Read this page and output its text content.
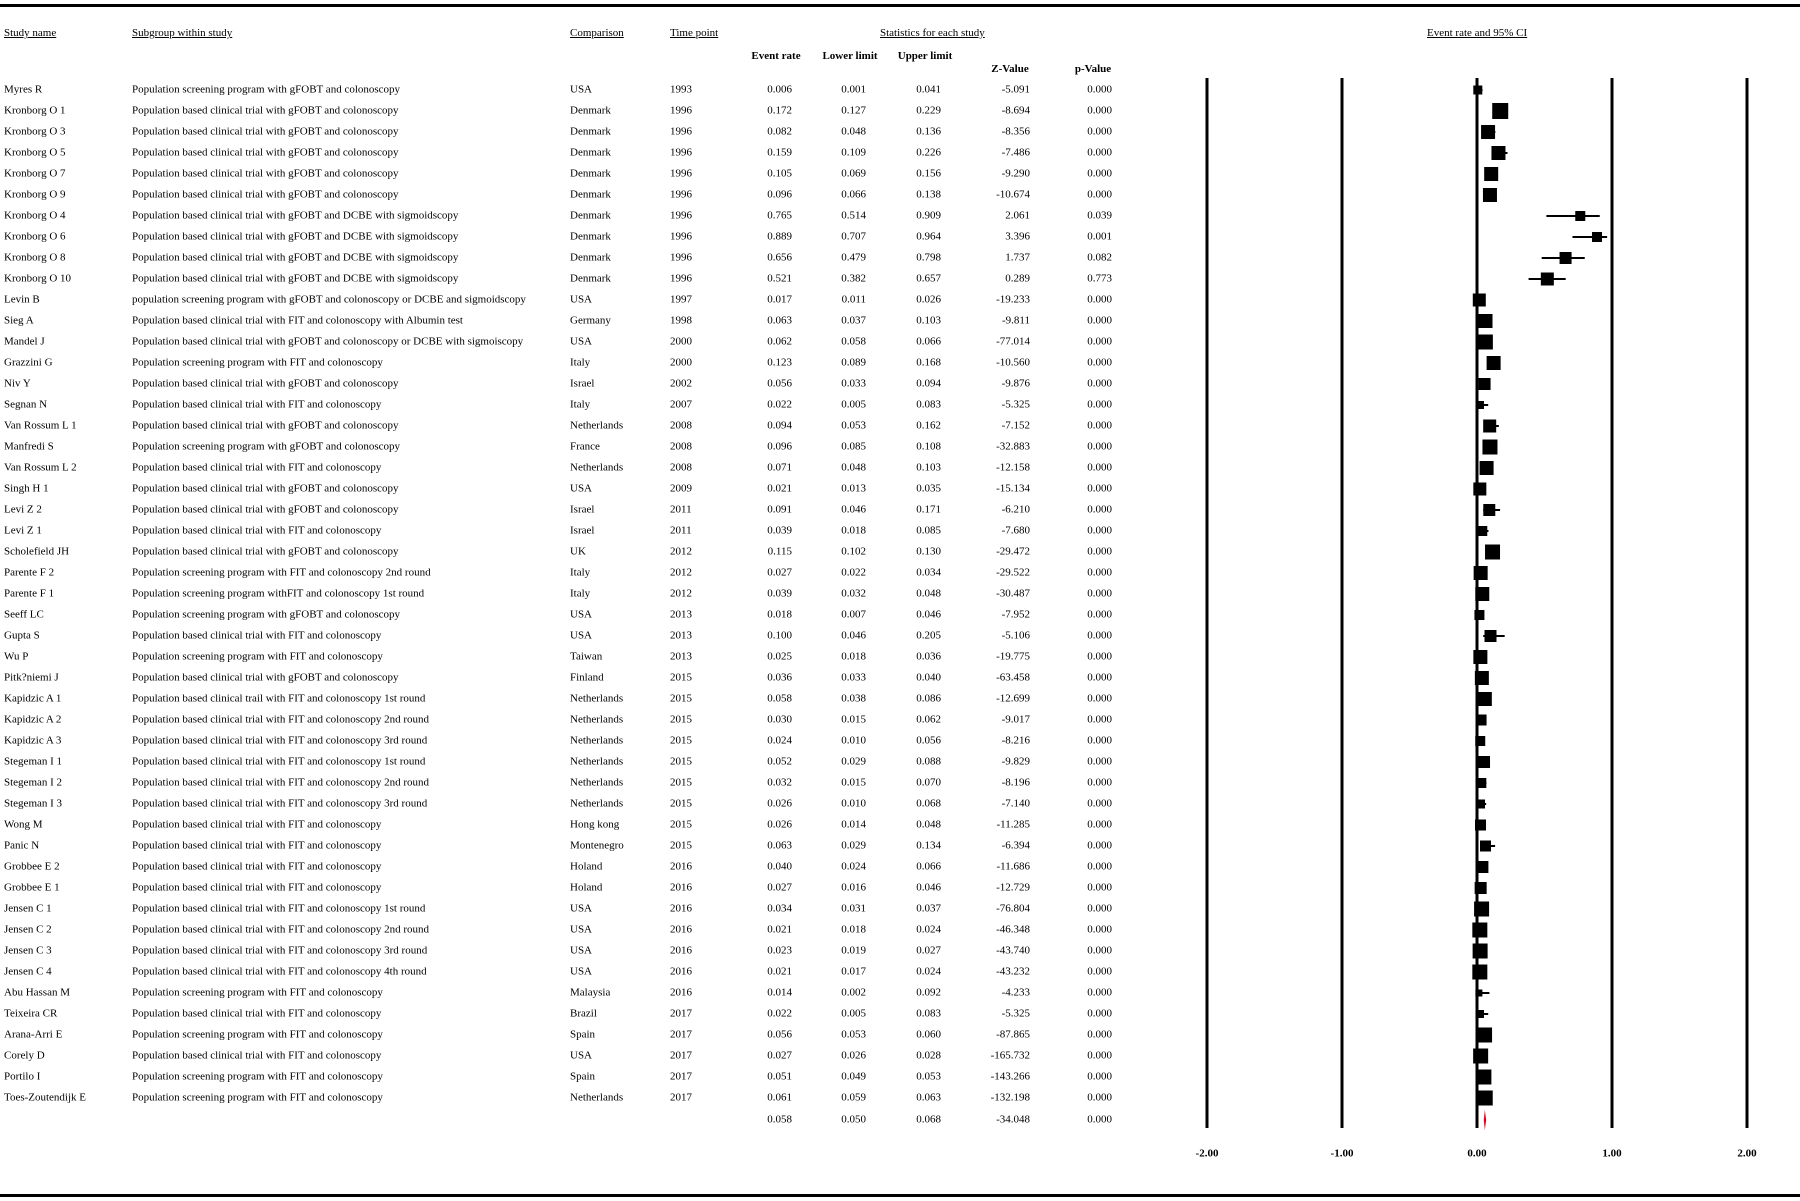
Study name	Subgroup within study	Comparison	Time point	Statistics for each study	Event rate and 95% CI
Event rate Lower limit Upper limit
Z-Value	p-Value
Myres R	Population screening program with gFOBT and colonoscopy	USA	1993	0.006	0.001	0.041	-5.091	0.000
Kronborg O 1	Population based clinical trial with gFOBT and colonoscopy	Denmark	1996	0.172	0.127	0.229	-8.694	0.000
Kronborg O 3	Population based clinical trial with gFOBT and colonoscopy	Denmark	1996	0.082	0.048	0.136	-8.356	0.000
Kronborg O 5	Population based clinical trial with gFOBT and colonoscopy	Denmark	1996	0.159	0.109	0.226	-7.486	0.000
Kronborg O 7	Population based clinical trial with gFOBT and colonoscopy	Denmark	1996	0.105	0.069	0.156	-9.290	0.000
Kronborg O 9	Population based clinical trial with gFOBT and colonoscopy	Denmark	1996	0.096	0.066	0.138	-10.674	0.000
Kronborg O 4	Population based clinical trial with gFOBT and DCBE with sigmoidscopy	Denmark	1996	0.765	0.514	0.909	2.061	0.039
Kronborg O 6	Population based clinical trial with gFOBT and DCBE with sigmoidscopy	Denmark	1996	0.889	0.707	0.964	3.396	0.001
Kronborg O 8	Population based clinical trial with gFOBT and DCBE with sigmoidscopy	Denmark	1996	0.656	0.479	0.798	1.737	0.082
Kronborg O 10	Population based clinical trial with gFOBT and DCBE with sigmoidscopy	Denmark	1996	0.521	0.382	0.657	0.289	0.773
Levin B	population screening program with gFOBT and colonoscopy or DCBE and sigmoidscopy	USA	1997	0.017	0.011	0.026	-19.233	0.000
Sieg A	Population based clinical trial with FIT and colonoscopy with Albumin test	Germany	1998	0.063	0.037	0.103	-9.811	0.000
Mandel J	Population based clinical trial with gFOBT and colonoscopy or DCBE with sigmoiscopy	USA	2000	0.062	0.058	0.066	-77.014	0.000
Grazzini G	Population screening program with FIT and colonoscopy	Italy	2000	0.123	0.089	0.168	-10.560	0.000
Niv Y	Population based clinical trial with gFOBT and colonoscopy	Israel	2002	0.056	0.033	0.094	-9.876	0.000
Segnan N	Population based clinical trial with FIT and colonoscopy	Italy	2007	0.022	0.005	0.083	-5.325	0.000
Van Rossum L 1	Population based clinical trial with gFOBT and colonoscopy	Netherlands	2008	0.094	0.053	0.162	-7.152	0.000
Manfredi S	Population screening program with gFOBT and colonoscopy	France	2008	0.096	0.085	0.108	-32.883	0.000
Van Rossum L 2	Population based clinical trial with FIT and colonoscopy	Netherlands	2008	0.071	0.048	0.103	-12.158	0.000
Singh H 1	Population based clinical trial with gFOBT and colonoscopy	USA	2009	0.021	0.013	0.035	-15.134	0.000
Levi Z 2	Population based clinical trial with gFOBT and colonoscopy	Israel	2011	0.091	0.046	0.171	-6.210	0.000
Levi Z 1	Population based clinical trial with FIT and colonoscopy	Israel	2011	0.039	0.018	0.085	-7.680	0.000
Scholefield JH	Population based clinical trial with gFOBT and colonoscopy	UK	2012	0.115	0.102	0.130	-29.472	0.000
Parente F 2	Population screening program with FIT and colonoscopy 2nd round	Italy	2012	0.027	0.022	0.034	-29.522	0.000
Parente F 1	Population screening program withFIT and colonoscopy 1st round	Italy	2012	0.039	0.032	0.048	-30.487	0.000
Seeff LC	Population screening program with gFOBT and colonoscopy	USA	2013	0.018	0.007	0.046	-7.952	0.000
Gupta S	Population based clinical trial with FIT and colonoscopy	USA	2013	0.100	0.046	0.205	-5.106	0.000
Wu P	Population screening program with FIT and colonoscopy	Taiwan	2013	0.025	0.018	0.036	-19.775	0.000
Pitk?niemi J	Population based clinical trial with gFOBT and colonoscopy	Finland	2015	0.036	0.033	0.040	-63.458	0.000
Kapidzic A 1	Population based clinical trail with FIT and colonoscopy 1st round	Netherlands	2015	0.058	0.038	0.086	-12.699	0.000
Kapidzic A 2	Population based clinical trial with FIT and colonoscopy 2nd round	Netherlands	2015	0.030	0.015	0.062	-9.017	0.000
Kapidzic A 3	Population based clinical trial with FIT and colonoscopy 3rd round	Netherlands	2015	0.024	0.010	0.056	-8.216	0.000
Stegeman I 1	Population based clinical trial with FIT and colonoscopy 1st round	Netherlands	2015	0.052	0.029	0.088	-9.829	0.000
Stegeman I 2	Population based clinical trial with FIT and colonoscopy 2nd round	Netherlands	2015	0.032	0.015	0.070	-8.196	0.000
Stegeman I 3	Population based clinical trial with FIT and colonoscopy 3rd round	Netherlands	2015	0.026	0.010	0.068	-7.140	0.000
Wong M	Population based clinical trial with FIT and colonoscopy	Hong kong	2015	0.026	0.014	0.048	-11.285	0.000
Panic N	Population based clinical trial with FIT and colonoscopy	Montenegro	2015	0.063	0.029	0.134	-6.394	0.000
Grobbee E 2	Population based clinical trial with FIT and colonoscopy	Holand	2016	0.040	0.024	0.066	-11.686	0.000
Grobbee E 1	Population based clinical trial with FIT and colonoscopy	Holand	2016	0.027	0.016	0.046	-12.729	0.000
Jensen C 1	Population based clinical trial with FIT and colonoscopy 1st round	USA	2016	0.034	0.031	0.037	-76.804	0.000
Jensen C 2	Population based clinical trial with FIT and colonoscopy 2nd round	USA	2016	0.021	0.018	0.024	-46.348	0.000
Jensen C 3	Population based clinical trial with FIT and colonoscopy 3rd round	USA	2016	0.023	0.019	0.027	-43.740	0.000
Jensen C 4	Population based clinical trial with FIT and colonoscopy 4th round	USA	2016	0.021	0.017	0.024	-43.232	0.000
Abu Hassan M	Population screening program with FIT and colonoscopy	Malaysia	2016	0.014	0.002	0.092	-4.233	0.000
Teixeira CR	Population based clinical trial with FIT and colonoscopy	Brazil	2017	0.022	0.005	0.083	-5.325	0.000
Arana-Arri E	Population screening program with FIT and colonoscopy	Spain	2017	0.056	0.053	0.060	-87.865	0.000
Corely D	Population based clinical trial with FIT and colonoscopy	USA	2017	0.027	0.026	0.028	-165.732	0.000
Portilo I	Population screening program with FIT and colonoscopy	Spain	2017	0.051	0.049	0.053	-143.266	0.000
Toes-Zoutendijk E	Population screening program with FIT and colonoscopy	Netherlands	2017	0.061	0.059	0.063	-132.198	0.000
0.058	0.050	0.068	-34.048	0.000
-2.00	-1.00	0.00	1.00	2.00
